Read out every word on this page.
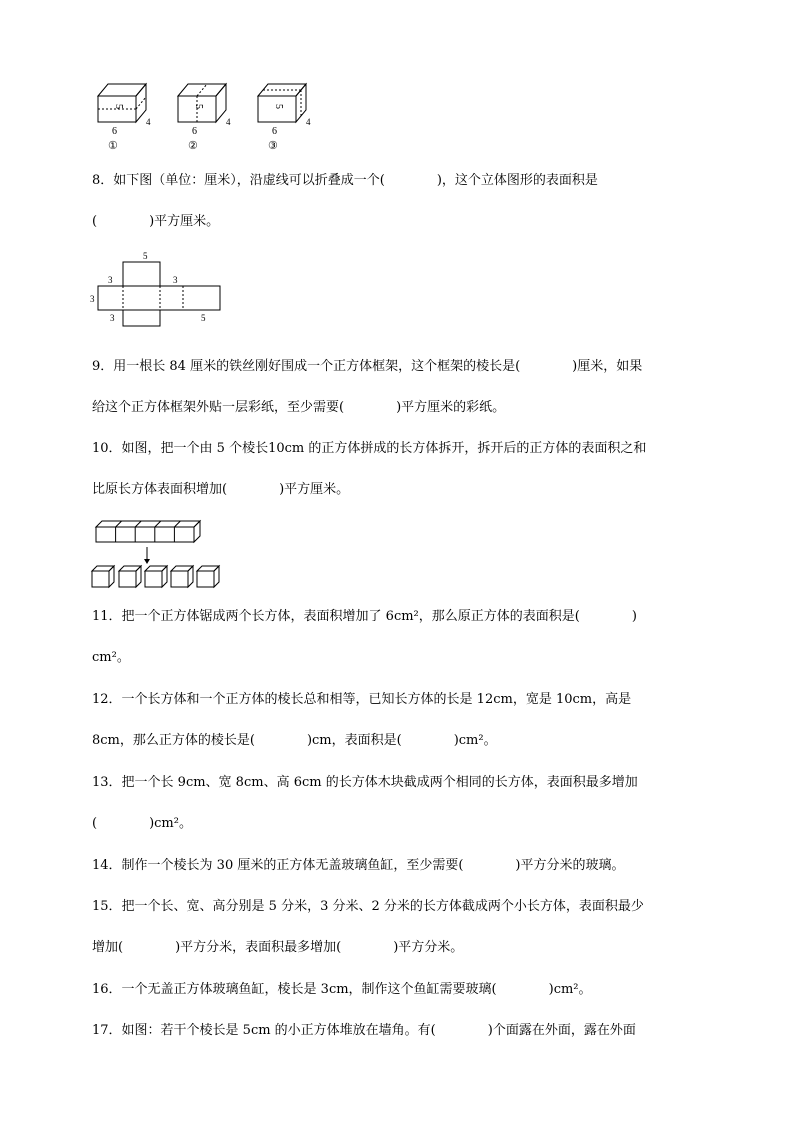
5
6
4
①
5
6
4
②
5
6
4
③
8．如下图（单位：厘米），沿虚线可以折叠成一个(　　　　)，这个立体图形的表面积是
(　　　　)平方厘米。
5
3	3
3
3	5
9．用一根长 84 厘米的铁丝刚好围成一个正方体框架，这个框架的棱长是(　　　　)厘米，如果
给这个正方体框架外贴一层彩纸，至少需要(　　　　)平方厘米的彩纸。
10．如图，把一个由 5 个棱长10cm 的正方体拼成的长方体拆开，拆开后的正方体的表面积之和
比原长方体表面积增加(　　　　)平方厘米。
11．把一个正方体锯成两个长方体，表面积增加了 6cm²，那么原正方体的表面积是(　　　　)
cm²。
12．一个长方体和一个正方体的棱长总和相等，已知长方体的长是 12cm，宽是 10cm，高是
8cm，那么正方体的棱长是(　　　　)cm，表面积是(　　　　)cm²。
13．把一个长 9cm、宽 8cm、高 6cm 的长方体木块截成两个相同的长方体，表面积最多增加
(　　　　)cm²。
14．制作一个棱长为 30 厘米的正方体无盖玻璃鱼缸，至少需要(　　　　)平方分米的玻璃。
15．把一个长、宽、高分别是 5 分米，3 分米、2 分米的长方体截成两个小长方体，表面积最少
增加(　　　　)平方分米，表面积最多增加(　　　　)平方分米。
16．一个无盖正方体玻璃鱼缸，棱长是 3cm，制作这个鱼缸需要玻璃(　　　　)cm²。
17．如图：若干个棱长是 5cm 的小正方体堆放在墙角。有(　　　　)个面露在外面，露在外面
